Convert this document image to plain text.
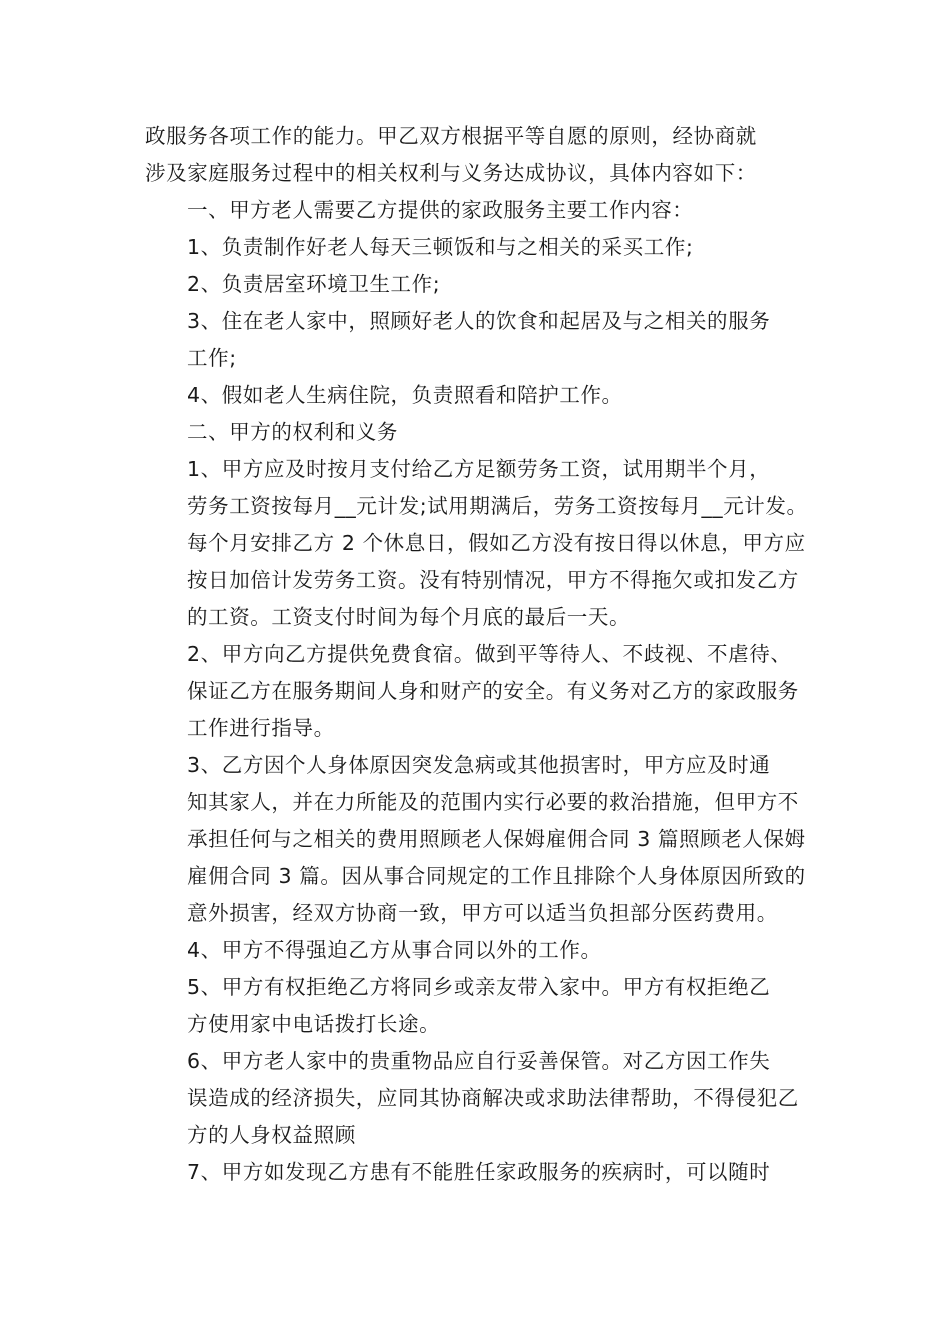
政服务各项工作的能力。甲乙双方根据平等自愿的原则，经协商就
涉及家庭服务过程中的相关权利与义务达成协议，具体内容如下：
一、甲方老人需要乙方提供的家政服务主要工作内容：
1、负责制作好老人每天三顿饭和与之相关的采买工作;
2、负责居室环境卫生工作;
3、住在老人家中，照顾好老人的饮食和起居及与之相关的服务
工作;
4、假如老人生病住院，负责照看和陪护工作。
二、甲方的权利和义务
1、甲方应及时按月支付给乙方足额劳务工资，试用期半个月，
劳务工资按每月__元计发;试用期满后，劳务工资按每月__元计发。
每个月安排乙方 2 个休息日，假如乙方没有按日得以休息，甲方应
按日加倍计发劳务工资。没有特别情况，甲方不得拖欠或扣发乙方
的工资。工资支付时间为每个月底的最后一天。
2、甲方向乙方提供免费食宿。做到平等待人、不歧视、不虐待、
保证乙方在服务期间人身和财产的安全。有义务对乙方的家政服务
工作进行指导。
3、乙方因个人身体原因突发急病或其他损害时，甲方应及时通
知其家人，并在力所能及的范围内实行必要的救治措施，但甲方不
承担任何与之相关的费用照顾老人保姆雇佣合同 3 篇照顾老人保姆
雇佣合同 3 篇。因从事合同规定的工作且排除个人身体原因所致的
意外损害，经双方协商一致，甲方可以适当负担部分医药费用。
4、甲方不得强迫乙方从事合同以外的工作。
5、甲方有权拒绝乙方将同乡或亲友带入家中。甲方有权拒绝乙
方使用家中电话拨打长途。
6、甲方老人家中的贵重物品应自行妥善保管。对乙方因工作失
误造成的经济损失，应同其协商解决或求助法律帮助，不得侵犯乙
方的人身权益照顾
7、甲方如发现乙方患有不能胜任家政服务的疾病时，可以随时
